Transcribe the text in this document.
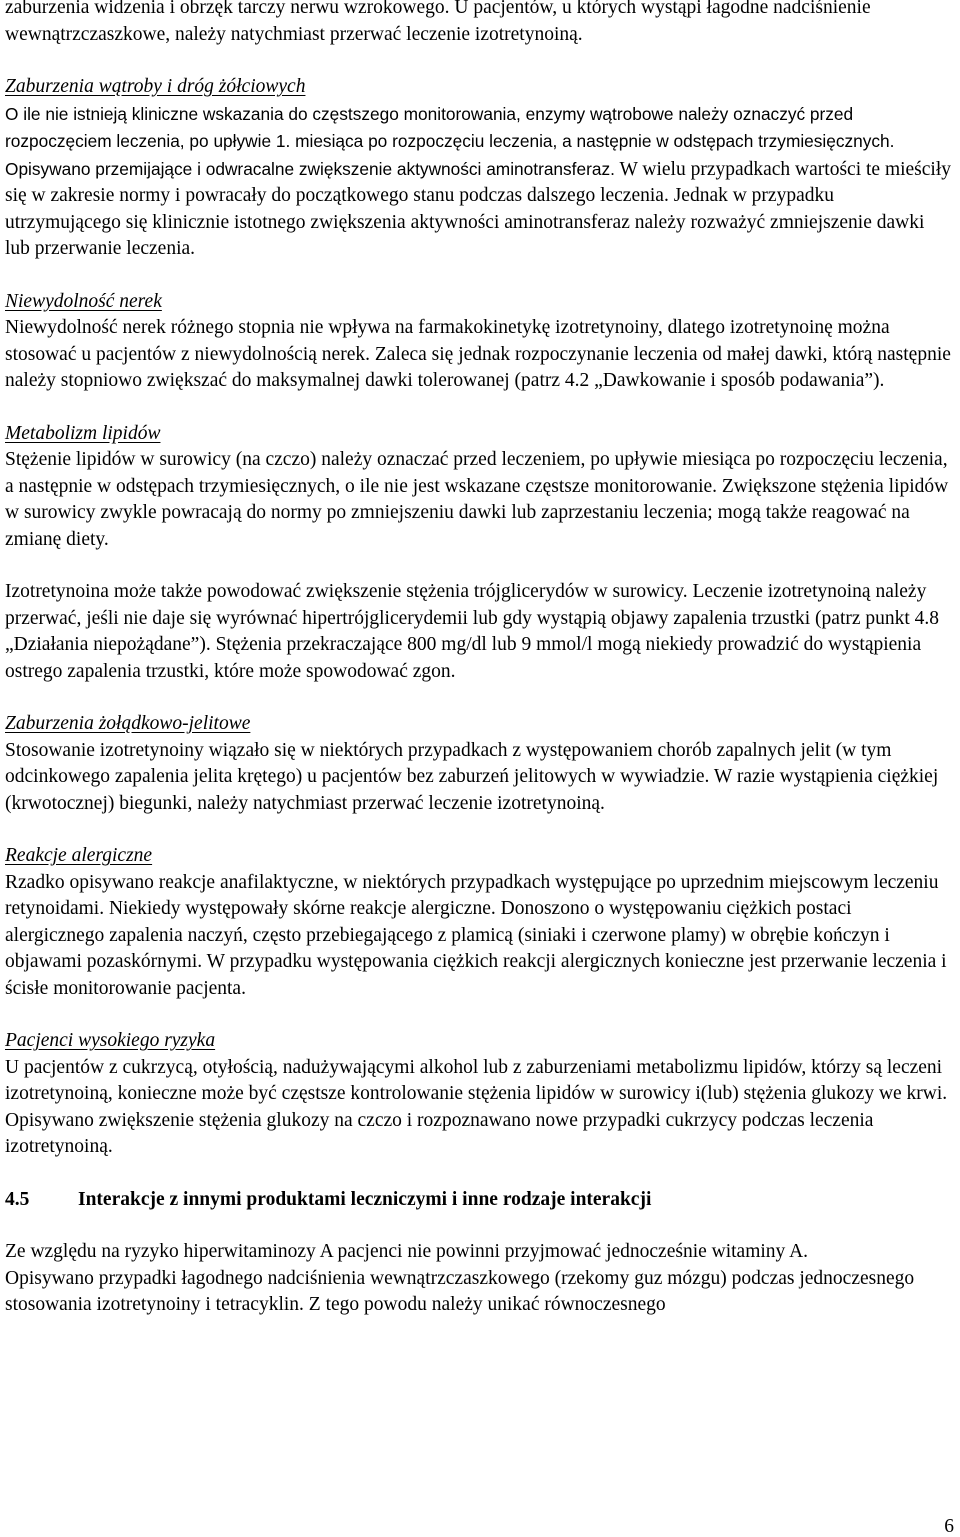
zaburzenia widzenia i obrzęk tarczy nerwu wzrokowego. U pacjentów, u których wystąpi łagodne nadciśnienie wewnątrzczaszkowe, należy natychmiast przerwać leczenie izotretynoiną.

Zaburzenia wątroby i dróg żółciowych

O ile nie istnieją kliniczne wskazania do częstszego monitorowania, enzymy wątrobowe należy oznaczyć przed rozpoczęciem leczenia, po upływie 1. miesiąca po rozpoczęciu leczenia, a następnie w odstępach trzymiesięcznych. Opisywano przemijające i odwracalne zwiększenie aktywności aminotransferaz. W wielu przypadkach wartości te mieściły się w zakresie normy i powracały do początkowego stanu podczas dalszego leczenia. Jednak w przypadku utrzymującego się klinicznie istotnego zwiększenia aktywności aminotransferaz należy rozważyć zmniejszenie dawki lub przerwanie leczenia.

Niewydolność nerek

Niewydolność nerek różnego stopnia nie wpływa na farmakokinetykę izotretynoiny, dlatego izotretynoinę można stosować u pacjentów z niewydolnością nerek. Zaleca się jednak rozpoczynanie leczenia od małej dawki, którą następnie należy stopniowo zwiększać do maksymalnej dawki tolerowanej (patrz 4.2 „Dawkowanie i sposób podawania”).

Metabolizm lipidów

Stężenie lipidów w surowicy (na czczo) należy oznaczać przed leczeniem, po upływie miesiąca po rozpoczęciu leczenia, a następnie w odstępach trzymiesięcznych, o ile nie jest wskazane częstsze monitorowanie. Zwiększone stężenia lipidów w surowicy zwykle powracają do normy po zmniejszeniu dawki lub zaprzestaniu leczenia; mogą także reagować na zmianę diety.

Izotretynoina może także powodować zwiększenie stężenia trójglicerydów w surowicy. Leczenie izotretynoiną należy przerwać, jeśli nie daje się wyrównać hipertrójglicerydemii lub gdy wystąpią objawy zapalenia trzustki (patrz punkt 4.8 „Działania niepożądane”). Stężenia przekraczające 800 mg/dl lub 9 mmol/l mogą niekiedy prowadzić do wystąpienia ostrego zapalenia trzustki, które może spowodować zgon.

Zaburzenia żołądkowo-jelitowe

Stosowanie izotretynoiny wiązało się w niektórych przypadkach z występowaniem chorób zapalnych jelit (w tym odcinkowego zapalenia jelita krętego) u pacjentów bez zaburzeń jelitowych w wywiadzie. W razie wystąpienia ciężkiej (krwotocznej) biegunki, należy natychmiast przerwać leczenie izotretynoiną.

Reakcje alergiczne

Rzadko opisywano reakcje anafilaktyczne, w niektórych przypadkach występujące po uprzednim miejscowym leczeniu retynoidami. Niekiedy występowały skórne reakcje alergiczne. Donoszono o występowaniu ciężkich postaci alergicznego zapalenia naczyń, często przebiegającego z plamicą (siniaki i czerwone plamy) w obrębie kończyn i objawami pozaskórnymi. W przypadku występowania ciężkich reakcji alergicznych konieczne jest przerwanie leczenia i ścisłe monitorowanie pacjenta.

Pacjenci wysokiego ryzyka

U pacjentów z cukrzycą, otyłością, nadużywającymi alkohol lub z zaburzeniami metabolizmu lipidów, którzy są leczeni izotretynoiną, konieczne może być częstsze kontrolowanie stężenia lipidów w surowicy i(lub) stężenia glukozy we krwi. Opisywano zwiększenie stężenia glukozy na czczo i rozpoznawano nowe przypadki cukrzycy podczas leczenia izotretynoiną.

4.5	Interakcje z innymi produktami leczniczymi i inne rodzaje interakcji

Ze względu na ryzyko hiperwitaminozy A pacjenci nie powinni przyjmować jednocześnie witaminy A.

Opisywano przypadki łagodnego nadciśnienia wewnątrzczaszkowego (rzekomy guz mózgu) podczas jednoczesnego stosowania izotretynoiny i tetracyklin. Z tego powodu należy unikać równoczesnego

6
